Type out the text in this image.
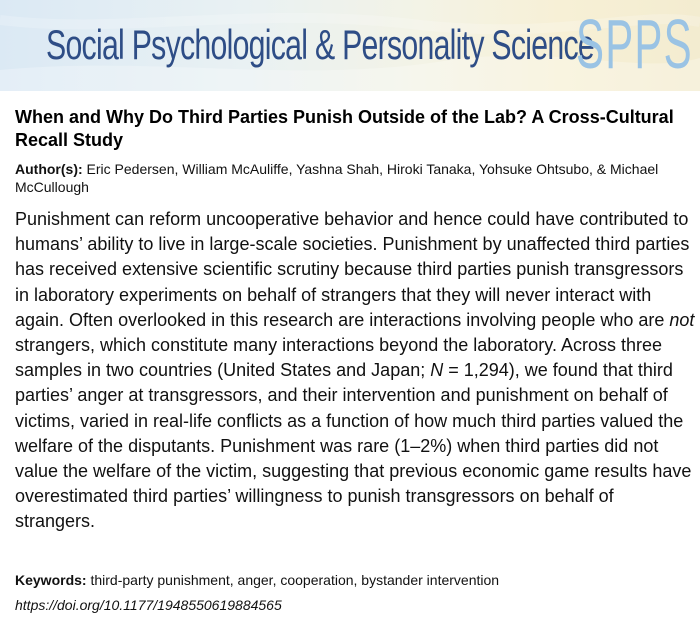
Social Psychological & Personality Science
SPPS
When and Why Do Third Parties Punish Outside of the Lab? A Cross-Cultural Recall Study
Author(s): Eric Pedersen, William McAuliffe, Yashna Shah, Hiroki Tanaka, Yohsuke Ohtsubo, & Michael McCullough

Punishment can reform uncooperative behavior and hence could have contributed to humans’ ability to live in large-scale societies. Punishment by unaffected third parties has received extensive scientific scrutiny because third parties punish transgressors in laboratory experiments on behalf of strangers that they will never interact with again. Often overlooked in this research are interactions involving people who are not strangers, which constitute many interactions beyond the laboratory. Across three samples in two countries (United States and Japan; N = 1,294), we found that third parties’ anger at transgressors, and their intervention and punishment on behalf of victims, varied in real-life conflicts as a function of how much third parties valued the welfare of the disputants. Punishment was rare (1–2%) when third parties did not value the welfare of the victim, suggesting that previous economic game results have overestimated third parties’ willingness to punish transgressors on behalf of strangers.

Keywords: third-party punishment, anger, cooperation, bystander intervention
https://doi.org/10.1177/1948550619884565
